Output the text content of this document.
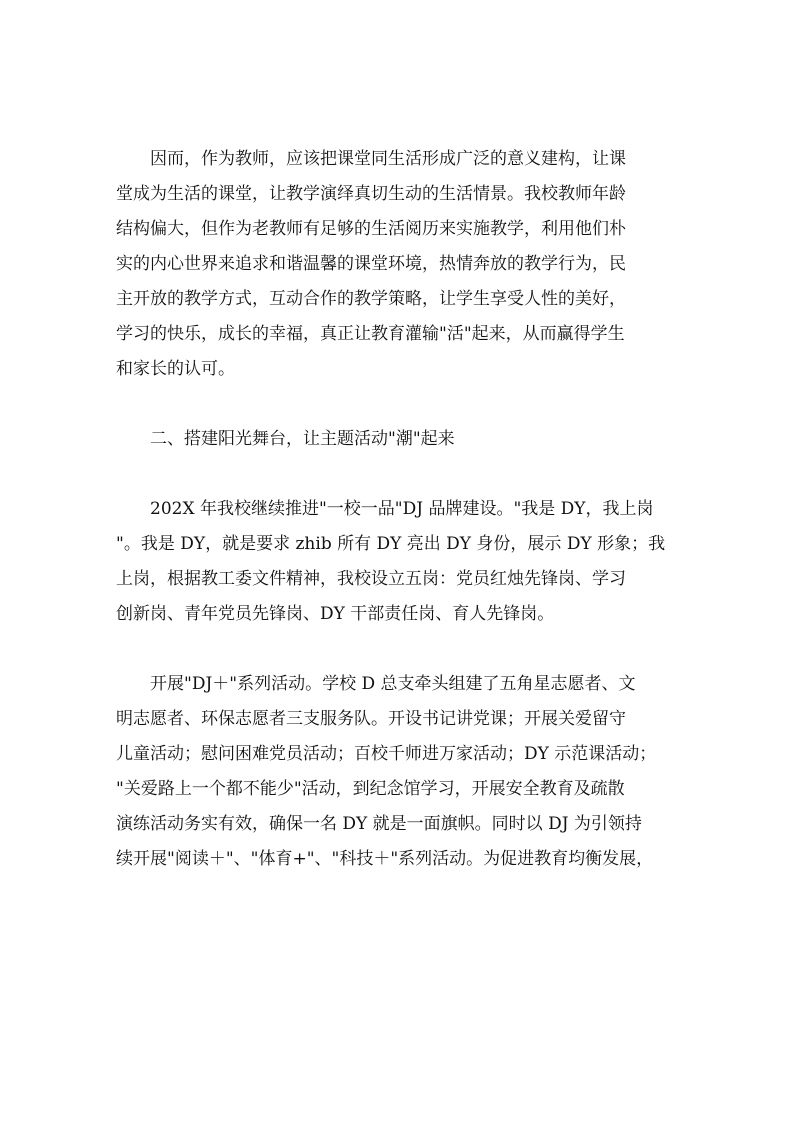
　　因而，作为教师，应该把课堂同生活形成广泛的意义建构，让课
堂成为生活的课堂，让教学演绎真切生动的生活情景。我校教师年龄
结构偏大，但作为老教师有足够的生活阅历来实施教学，利用他们朴
实的内心世界来追求和谐温馨的课堂环境，热情奔放的教学行为，民
主开放的教学方式，互动合作的教学策略，让学生享受人性的美好，
学习的快乐，成长的幸福，真正让教育灌输"活"起来，从而赢得学生
和家长的认可。
　　二、搭建阳光舞台，让主题活动"潮"起来
　　202X 年我校继续推进"一校一品"DJ 品牌建设。"我是 DY，我上岗
"。我是 DY，就是要求 zhib 所有 DY 亮出 DY 身份，展示 DY 形象；我
上岗，根据教工委文件精神，我校设立五岗：党员红烛先锋岗、学习
创新岗、青年党员先锋岗、DY 干部责任岗、育人先锋岗。
　　开展"DJ＋"系列活动。学校 D 总支牵头组建了五角星志愿者、文
明志愿者、环保志愿者三支服务队。开设书记讲党课；开展关爱留守
儿童活动；慰问困难党员活动；百校千师进万家活动；DY 示范课活动；
"关爱路上一个都不能少"活动，到纪念馆学习，开展安全教育及疏散
演练活动务实有效，确保一名 DY 就是一面旗帜。同时以 DJ 为引领持
续开展"阅读＋"、"体育+"、"科技＋"系列活动。为促进教育均衡发展，
